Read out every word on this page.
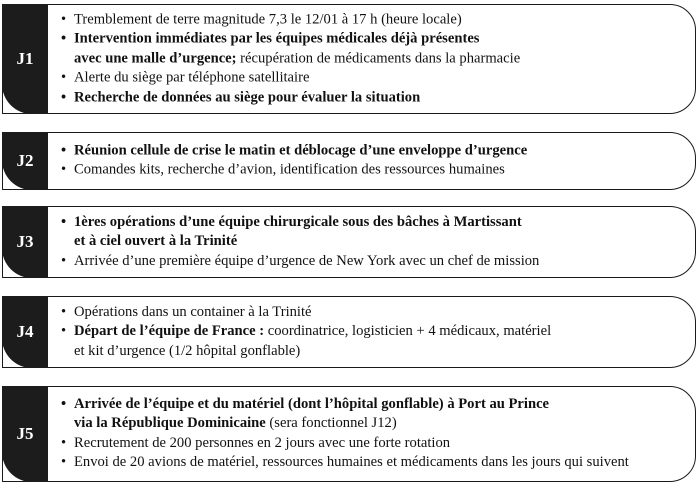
J1
• Tremblement de terre magnitude 7,3 le 12/01 à 17 h (heure locale)
• Intervention immédiates par les équipes médicales déjà présentes
avec une malle d’urgence; récupération de médicaments dans la pharmacie
• Alerte du siège par téléphone satellitaire
• Recherche de données au siège pour évaluer la situation
J2
• Réunion cellule de crise le matin et déblocage d’une enveloppe d’urgence
• Comandes kits, recherche d’avion, identification des ressources humaines
J3
• 1ères opérations d’une équipe chirurgicale sous des bâches à Martissant
et à ciel ouvert à la Trinité
• Arrivée d’une première équipe d’urgence de New York avec un chef de mission
J4
• Opérations dans un container à la Trinité
• Départ de l’équipe de France : coordinatrice, logisticien + 4 médicaux, matériel
et kit d’urgence (1/2 hôpital gonflable)
J5
• Arrivée de l’équipe et du matériel (dont l’hôpital gonflable) à Port au Prince
via la République Dominicaine (sera fonctionnel J12)
• Recrutement de 200 personnes en 2 jours avec une forte rotation
• Envoi de 20 avions de matériel, ressources humaines et médicaments dans les jours qui suivent
